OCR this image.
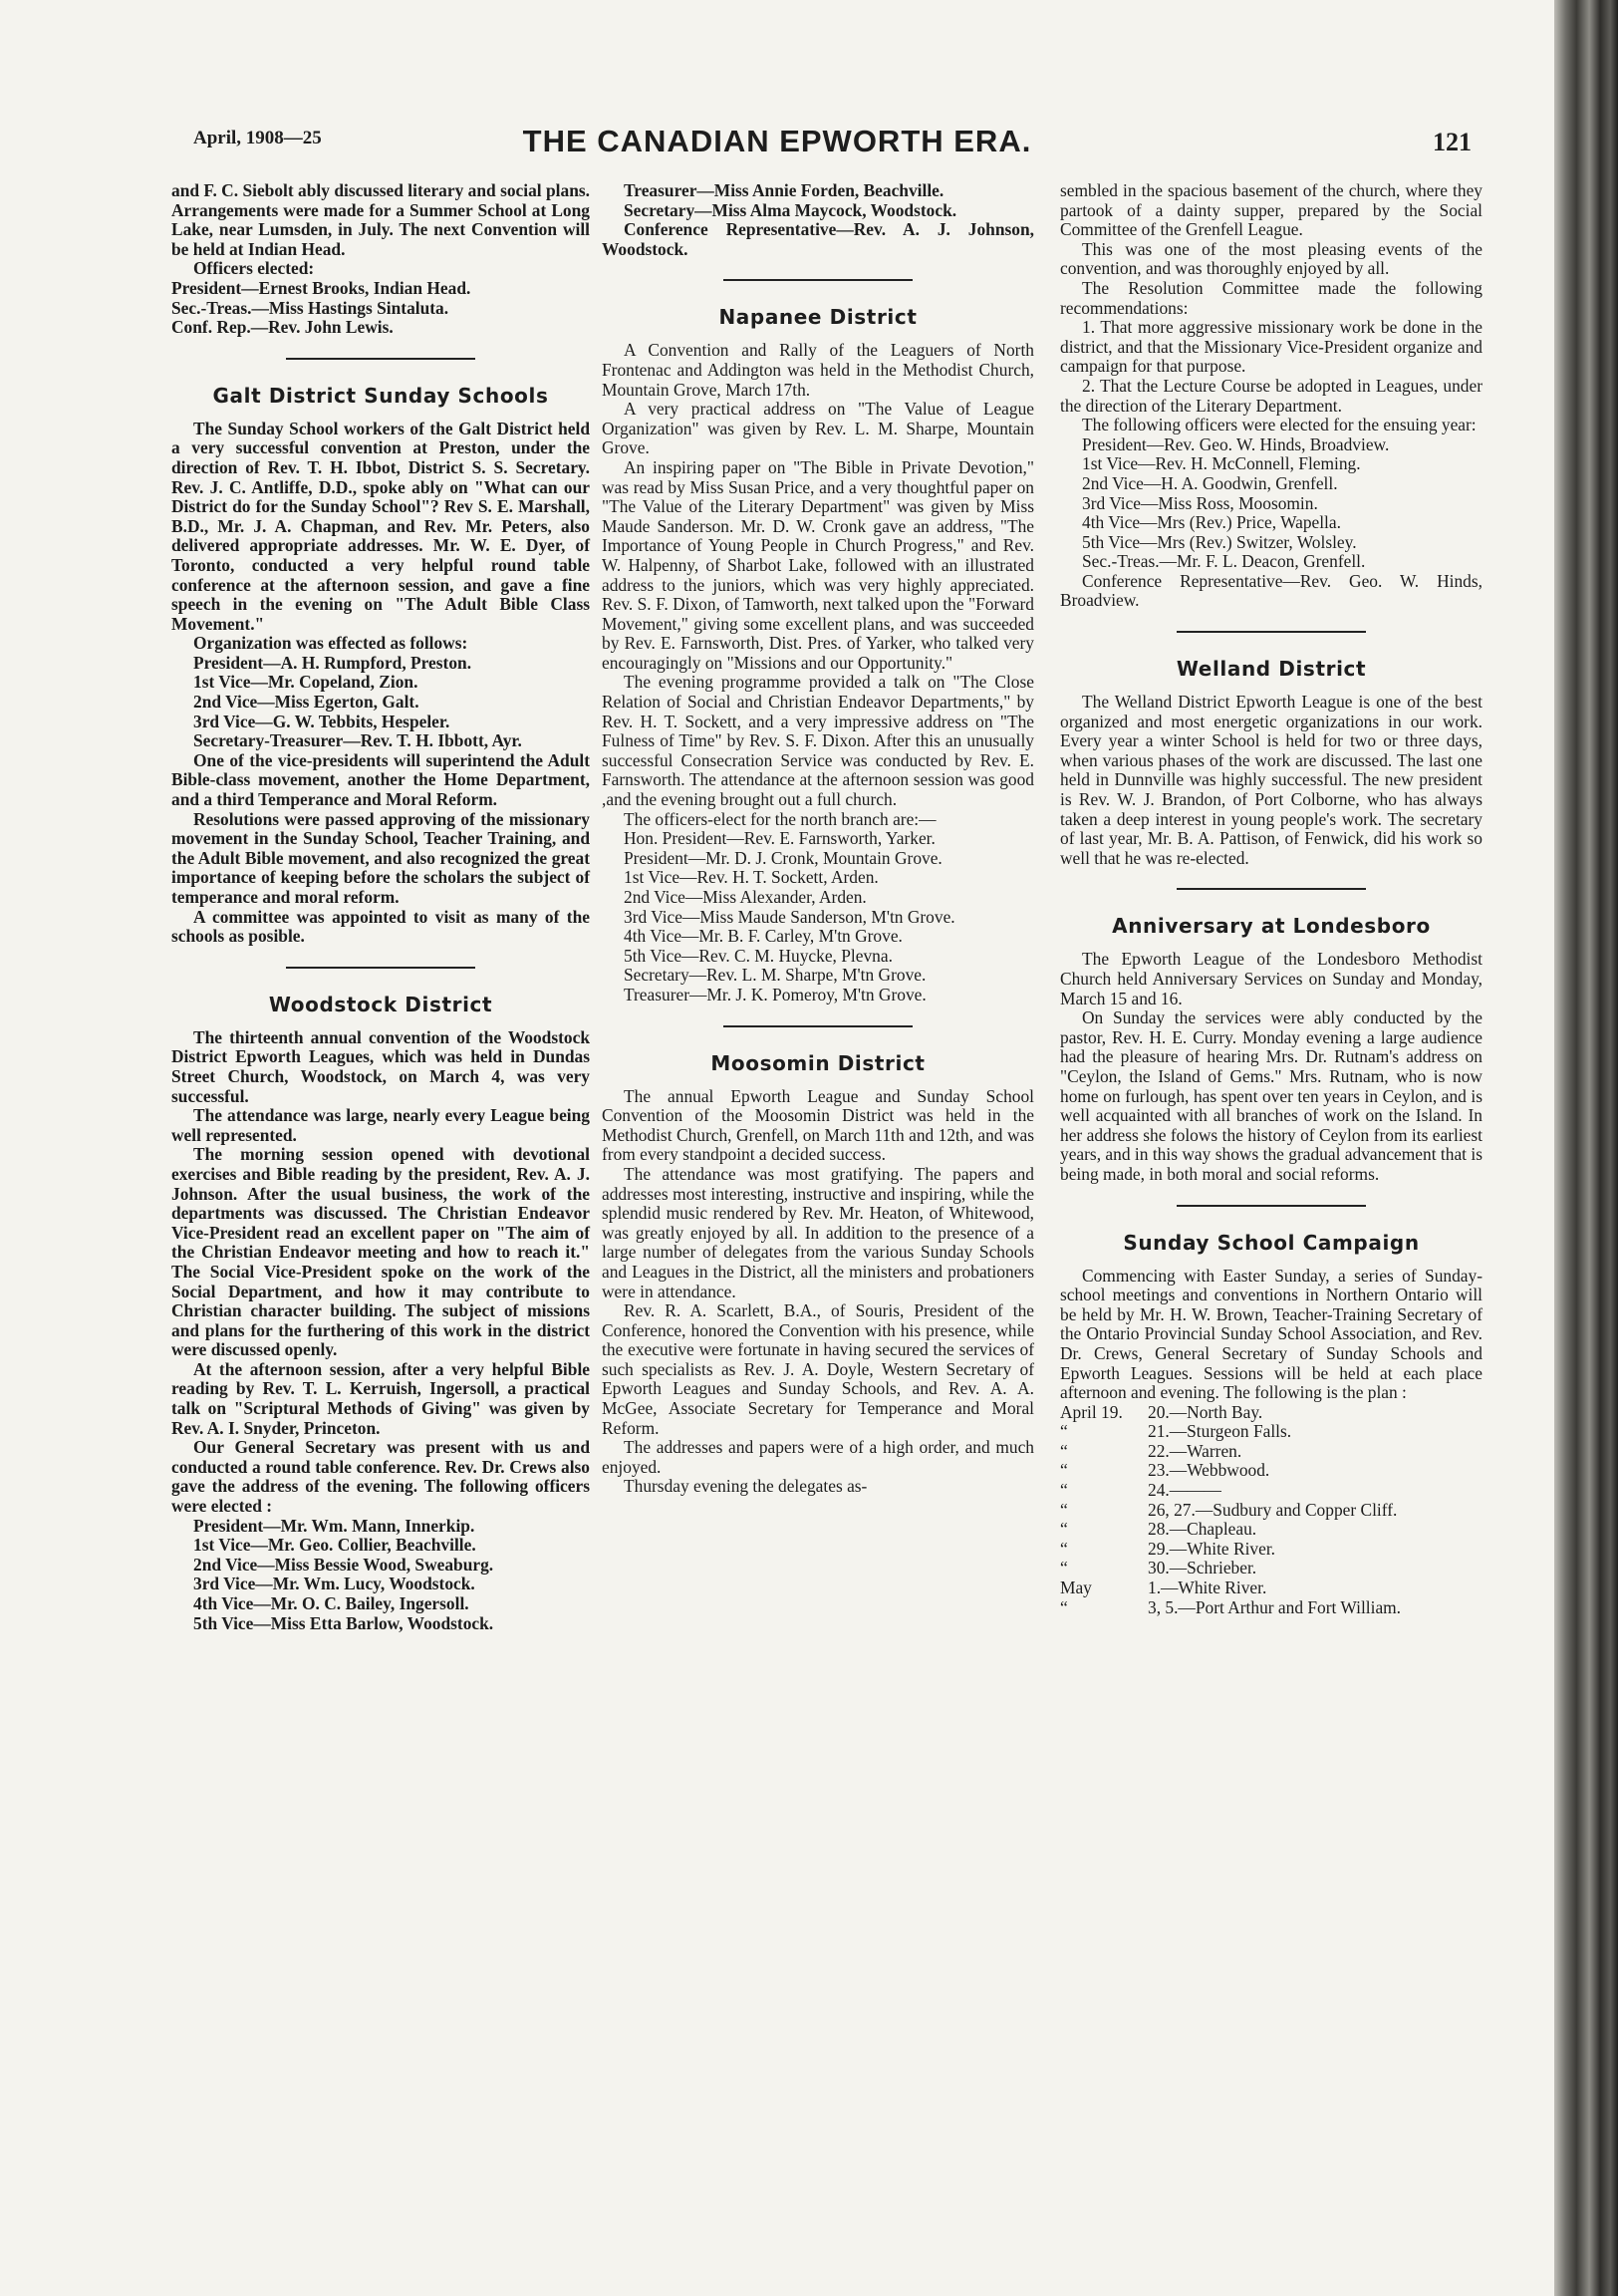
April, 1908—25	THE CANADIAN EPWORTH ERA.	121

and F. C. Siebolt ably discussed literary and social plans. Arrangements were made for a Summer School at Long Lake, near Lumsden, in July. The next Convention will be held at Indian Head.

Officers elected:

President—Ernest Brooks, Indian Head.

Sec.-Treas.—Miss Hastings Sintaluta.

Conf. Rep.—Rev. John Lewis.

Galt District Sunday Schools

The Sunday School workers of the Galt District held a very successful convention at Preston, under the direction of Rev. T. H. Ibbot, District S. S. Secretary. Rev. J. C. Antliffe, D.D., spoke ably on "What can our District do for the Sunday School"? Rev S. E. Marshall, B.D., Mr. J. A. Chapman, and Rev. Mr. Peters, also delivered appropriate addresses. Mr. W. E. Dyer, of Toronto, conducted a very helpful round table conference at the afternoon session, and gave a fine speech in the evening on "The Adult Bible Class Movement."

Organization was effected as follows:

President—A. H. Rumpford, Preston.

1st Vice—Mr. Copeland, Zion.

2nd Vice—Miss Egerton, Galt.

3rd Vice—G. W. Tebbits, Hespeler.

Secretary-Treasurer—Rev. T. H. Ibbott, Ayr.

One of the vice-presidents will superintend the Adult Bible-class movement, another the Home Department, and a third Temperance and Moral Reform.

Resolutions were passed approving of the missionary movement in the Sunday School, Teacher Training, and the Adult Bible movement, and also recognized the great importance of keeping before the scholars the subject of temperance and moral reform.

A committee was appointed to visit as many of the schools as posible.

Woodstock District

The thirteenth annual convention of the Woodstock District Epworth Leagues, which was held in Dundas Street Church, Woodstock, on March 4, was very successful.

The attendance was large, nearly every League being well represented.

The morning session opened with devotional exercises and Bible reading by the president, Rev. A. J. Johnson. After the usual business, the work of the departments was discussed. The Christian Endeavor Vice-President read an excellent paper on "The aim of the Christian Endeavor meeting and how to reach it." The Social Vice-President spoke on the work of the Social Department, and how it may contribute to Christian character building. The subject of missions and plans for the furthering of this work in the district were discussed openly.

At the afternoon session, after a very helpful Bible reading by Rev. T. L. Kerruish, Ingersoll, a practical talk on "Scriptural Methods of Giving" was given by Rev. A. I. Snyder, Princeton.

Our General Secretary was present with us and conducted a round table conference. Rev. Dr. Crews also gave the address of the evening. The following officers were elected :

President—Mr. Wm. Mann, Innerkip.

1st Vice—Mr. Geo. Collier, Beachville.

2nd Vice—Miss Bessie Wood, Sweaburg.

3rd Vice—Mr. Wm. Lucy, Woodstock.

4th Vice—Mr. O. C. Bailey, Ingersoll.

5th Vice—Miss Etta Barlow, Woodstock.

Treasurer—Miss Annie Forden, Beachville.

Secretary—Miss Alma Maycock, Woodstock.

Conference Representative—Rev. A. J. Johnson, Woodstock.

Napanee District

A Convention and Rally of the Leaguers of North Frontenac and Addington was held in the Methodist Church, Mountain Grove, March 17th.

A very practical address on "The Value of League Organization" was given by Rev. L. M. Sharpe, Mountain Grove.

An inspiring paper on "The Bible in Private Devotion," was read by Miss Susan Price, and a very thoughtful paper on "The Value of the Literary Department" was given by Miss Maude Sanderson. Mr. D. W. Cronk gave an address, "The Importance of Young People in Church Progress," and Rev. W. Halpenny, of Sharbot Lake, followed with an illustrated address to the juniors, which was very highly appreciated. Rev. S. F. Dixon, of Tamworth, next talked upon the "Forward Movement," giving some excellent plans, and was succeeded by Rev. E. Farnsworth, Dist. Pres. of Yarker, who talked very encouragingly on "Missions and our Opportunity."

The evening programme provided a talk on "The Close Relation of Social and Christian Endeavor Departments," by Rev. H. T. Sockett, and a very impressive address on "The Fulness of Time" by Rev. S. F. Dixon. After this an unusually successful Consecration Service was conducted by Rev. E. Farnsworth. The attendance at the afternoon session was good ,and the evening brought out a full church.

The officers-elect for the north branch are:—

Hon. President—Rev. E. Farnsworth, Yarker.

President—Mr. D. J. Cronk, Mountain Grove.

1st Vice—Rev. H. T. Sockett, Arden.

2nd Vice—Miss Alexander, Arden.

3rd Vice—Miss Maude Sanderson, M'tn Grove.

4th Vice—Mr. B. F. Carley, M'tn Grove.

5th Vice—Rev. C. M. Huycke, Plevna.

Secretary—Rev. L. M. Sharpe, M'tn Grove.

Treasurer—Mr. J. K. Pomeroy, M'tn Grove.

Moosomin District

The annual Epworth League and Sunday School Convention of the Moosomin District was held in the Methodist Church, Grenfell, on March 11th and 12th, and was from every standpoint a decided success.

The attendance was most gratifying. The papers and addresses most interesting, instructive and inspiring, while the splendid music rendered by Rev. Mr. Heaton, of Whitewood, was greatly enjoyed by all. In addition to the presence of a large number of delegates from the various Sunday Schools and Leagues in the District, all the ministers and probationers were in attendance.

Rev. R. A. Scarlett, B.A., of Souris, President of the Conference, honored the Convention with his presence, while the executive were fortunate in having secured the services of such specialists as Rev. J. A. Doyle, Western Secretary of Epworth Leagues and Sunday Schools, and Rev. A. A. McGee, Associate Secretary for Temperance and Moral Reform.

The addresses and papers were of a high order, and much enjoyed.

Thursday evening the delegates as-

sembled in the spacious basement of the church, where they partook of a dainty supper, prepared by the Social Committee of the Grenfell League.

This was one of the most pleasing events of the convention, and was thoroughly enjoyed by all.

The Resolution Committee made the following recommendations:

1. That more aggressive missionary work be done in the district, and that the Missionary Vice-President organize and campaign for that purpose.

2. That the Lecture Course be adopted in Leagues, under the direction of the Literary Department.

The following officers were elected for the ensuing year:

President—Rev. Geo. W. Hinds, Broadview.

1st Vice—Rev. H. McConnell, Fleming.

2nd Vice—H. A. Goodwin, Grenfell.

3rd Vice—Miss Ross, Moosomin.

4th Vice—Mrs (Rev.) Price, Wapella.

5th Vice—Mrs (Rev.) Switzer, Wolsley.

Sec.-Treas.—Mr. F. L. Deacon, Grenfell.

Conference Representative—Rev. Geo. W. Hinds, Broadview.

Welland District

The Welland District Epworth League is one of the best organized and most energetic organizations in our work. Every year a winter School is held for two or three days, when various phases of the work are discussed. The last one held in Dunnville was highly successful. The new president is Rev. W. J. Brandon, of Port Colborne, who has always taken a deep interest in young people's work. The secretary of last year, Mr. B. A. Pattison, of Fenwick, did his work so well that he was re-elected.

Anniversary at Londesboro

The Epworth League of the Londesboro Methodist Church held Anniversary Services on Sunday and Monday, March 15 and 16.

On Sunday the services were ably conducted by the pastor, Rev. H. E. Curry. Monday evening a large audience had the pleasure of hearing Mrs. Dr. Rutnam's address on "Ceylon, the Island of Gems." Mrs. Rutnam, who is now home on furlough, has spent over ten years in Ceylon, and is well acquainted with all branches of work on the Island. In her address she folows the history of Ceylon from its earliest years, and in this way shows the gradual advancement that is being made, in both moral and social reforms.

Sunday School Campaign

Commencing with Easter Sunday, a series of Sunday-school meetings and conventions in Northern Ontario will be held by Mr. H. W. Brown, Teacher-Training Secretary of the Ontario Provincial Sunday School Association, and Rev. Dr. Crews, General Secretary of Sunday Schools and Epworth Leagues. Sessions will be held at each place afternoon and evening. The following is the plan :

April 19.	20.—North Bay.
“	21.—Sturgeon Falls.
“	22.—Warren.
“	23.—Webbwood.
“	24.———
“	26, 27.—Sudbury and Copper Cliff.
“	28.—Chapleau.
“	29.—White River.
“	30.—Schrieber.
May	1.—White River.
“	3, 5.—Port Arthur and Fort William.
